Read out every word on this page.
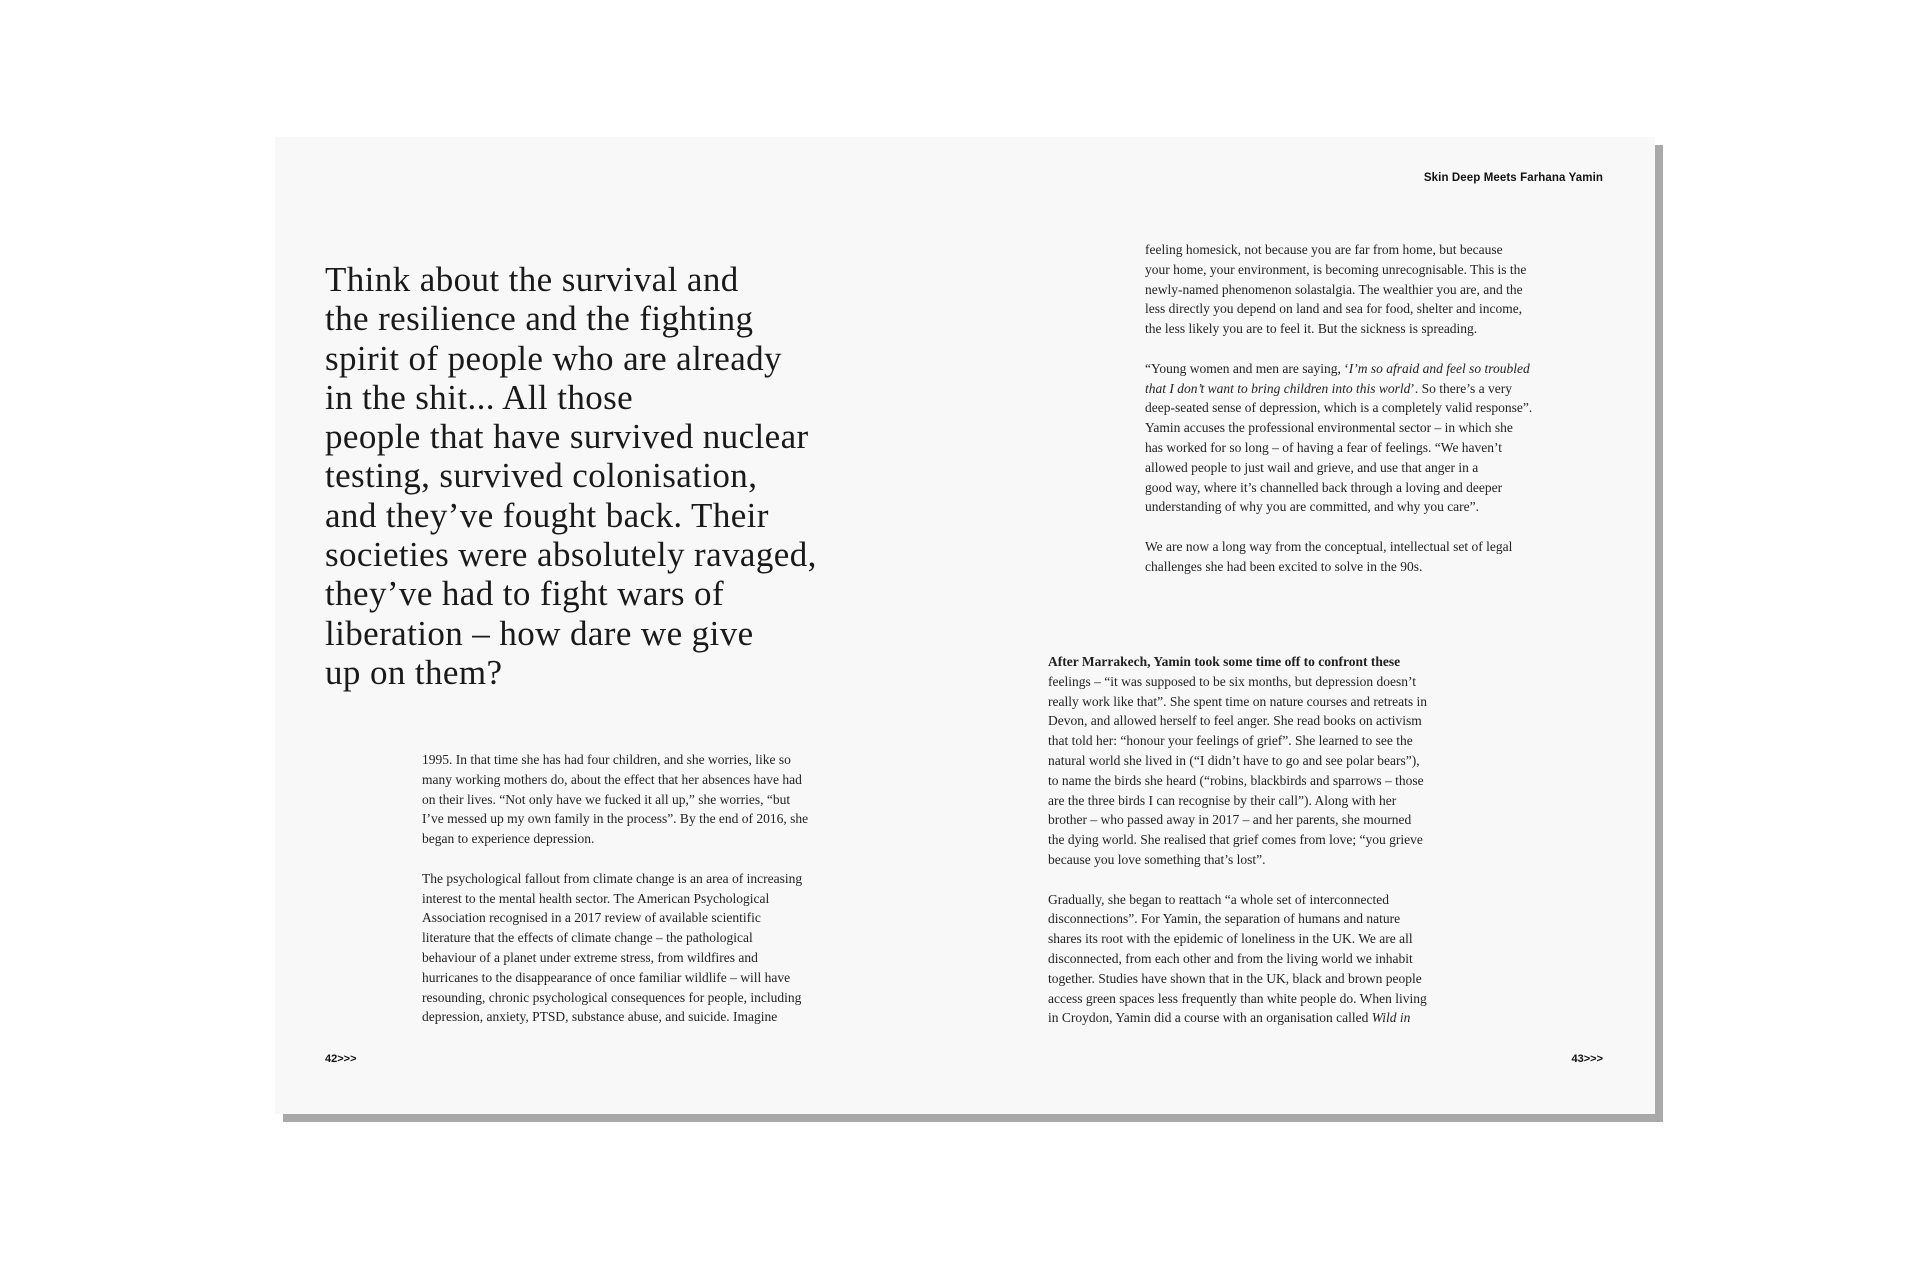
Skin Deep Meets Farhana Yamin
Think about the survival and
the resilience and the fighting
spirit of people who are already
in the shit... All those
people that have survived nuclear
testing, survived colonisation,
and they’ve fought back. Their
societies were absolutely ravaged,
they’ve had to fight wars of
liberation – how dare we give
up on them?
1995. In that time she has had four children, and she worries, like so
many working mothers do, about the effect that her absences have had
on their lives. “Not only have we fucked it all up,” she worries, “but
I’ve messed up my own family in the process”. By the end of 2016, she
began to experience depression.
The psychological fallout from climate change is an area of increasing
interest to the mental health sector. The American Psychological
Association recognised in a 2017 review of available scientific
literature that the effects of climate change – the pathological
behaviour of a planet under extreme stress, from wildfires and
hurricanes to the disappearance of once familiar wildlife – will have
resounding, chronic psychological consequences for people, including
depression, anxiety, PTSD, substance abuse, and suicide. Imagine
feeling homesick, not because you are far from home, but because
your home, your environment, is becoming unrecognisable. This is the
newly-named phenomenon solastalgia. The wealthier you are, and the
less directly you depend on land and sea for food, shelter and income,
the less likely you are to feel it. But the sickness is spreading.
“Young women and men are saying, ‘I’m so afraid and feel so troubled
that I don’t want to bring children into this world’. So there’s a very
deep-seated sense of depression, which is a completely valid response”.
Yamin accuses the professional environmental sector – in which she
has worked for so long – of having a fear of feelings. “We haven’t
allowed people to just wail and grieve, and use that anger in a
good way, where it’s channelled back through a loving and deeper
understanding of why you are committed, and why you care”.
We are now a long way from the conceptual, intellectual set of legal
challenges she had been excited to solve in the 90s.
After Marrakech, Yamin took some time off to confront these
feelings – “it was supposed to be six months, but depression doesn’t
really work like that”. She spent time on nature courses and retreats in
Devon, and allowed herself to feel anger. She read books on activism
that told her: “honour your feelings of grief”. She learned to see the
natural world she lived in (“I didn’t have to go and see polar bears”),
to name the birds she heard (“robins, blackbirds and sparrows – those
are the three birds I can recognise by their call”). Along with her
brother – who passed away in 2017 – and her parents, she mourned
the dying world. She realised that grief comes from love; “you grieve
because you love something that’s lost”.
Gradually, she began to reattach “a whole set of interconnected
disconnections”. For Yamin, the separation of humans and nature
shares its root with the epidemic of loneliness in the UK. We are all
disconnected, from each other and from the living world we inhabit
together. Studies have shown that in the UK, black and brown people
access green spaces less frequently than white people do. When living
in Croydon, Yamin did a course with an organisation called Wild in
42>>>	43>>>
